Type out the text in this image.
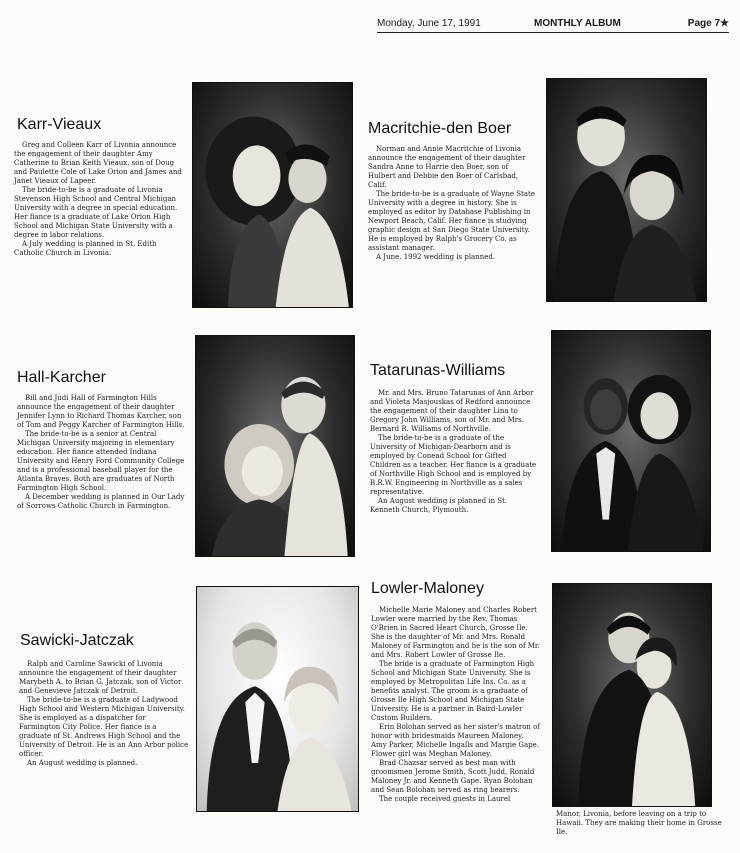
Monday, June 17, 1991	MONTHLY ALBUM	Page 7★
Karr-Vieaux

Greg and Colleen Karr of Livonia announce the engagement of their daughter Amy Catherine to Brian Keith Vieaux, son of Doug and Paulette Cole of Lake Orion and James and Janet Vieaux of Lapeer.

The bride-to-be is a graduate of Livonia Stevenson High School and Central Michigan University with a degree in special education. Her fiance is a graduate of Lake Orion High School and Michigan State University with a degree in labor relations.

A July wedding is planned in St. Edith Catholic Church in Livonia.

Macritchie-den Boer

Norman and Annie Macritchie of Livonia announce the engagement of their daughter Sandra Anne to Harrie den Boer, son of Hulbert and Debbie den Boer of Carlsbad, Calif.

The bride-to-be is a graduate of Wayne State University with a degree in history. She is employed as editor by Database Publishing in Newport Beach, Calif. Her fiance is studying graphic design at San Diego State University. He is employed by Ralph's Grocery Co. as assistant manager.

A June, 1992 wedding is planned.

Hall-Karcher

Bill and Judi Hall of Farmington Hills announce the engagement of their daughter Jennifer Lynn to Richard Thomas Karcher, son of Tom and Peggy Karcher of Farmington Hills.

The bride-to-be is a senior at Central Michigan University majoring in elementary education. Her fiance attended Indiana University and Henry Ford Community College and is a professional baseball player for the Atlanta Braves. Both are graduates of North Farmington High School.

A December wedding is planned in Our Lady of Sorrows Catholic Church in Farmington.

Tatarunas-Williams

Mr. and Mrs. Bruno Tatarunas of Ann Arbor and Violeta Masjouskas of Redford announce the engagement of their daughter Lina to Gregory John Williams, son of Mr. and Mrs. Bernard R. Williams of Northville.

The bride-to-be is a graduate of the University of Michigan-Dearborn and is employed by Conead School for Gifted Children as a teacher. Her fiance is a graduate of Northville High School and is employed by B.R.W. Engineering in Northville as a sales representative.

An August wedding is planned in St. Kenneth Church, Plymouth.

Sawicki-Jatczak

Ralph and Caroline Sawicki of Livonia announce the engagement of their daughter Marybeth A. to Brian G. Jatczak, son of Victor and Genevieve Jatczak of Detroit.

The bride-to-be is a graduate of Ladywood High School and Western Michigan University. She is employed as a dispatcher for Farmington City Police. Her fiance is a graduate of St. Andrews High School and the University of Detroit. He is an Ann Arbor police officer.

An August wedding is planned.

Lowler-Maloney

Michelle Marie Maloney and Charles Robert Lowler were married by the Rev. Thomas O'Brien in Sacred Heart Church, Grosse Ile. She is the daughter of Mr. and Mrs. Ronald Maloney of Farmington and he is the son of Mr. and Mrs. Robert Lowler of Grosse Ile.

The bride is a graduate of Farmington High School and Michigan State University. She is employed by Metropolitan Life Ins. Co. as a benefits analyst. The groom is a graduate of Grosse Ile High School and Michigan State University. He is a partner in Baird-Lowler Custom Builders.

Erin Bolohan served as her sister's matron of honor with bridesmaids Maureen Maloney, Amy Parker, Michelle Ingalls and Margie Gape. Flower girl was Meghan Maloney.

Brad Chazsar served as best man with groomsmen Jerome Smith, Scott Judd, Ronald Maloney Jr. and Kenneth Gape. Ryan Bolohan and Sean Bolohan served as ring bearers.

The couple received guests in Laurel

Manor, Livonia, before leaving on a trip to Hawaii. They are making their home in Grosse Ile.
